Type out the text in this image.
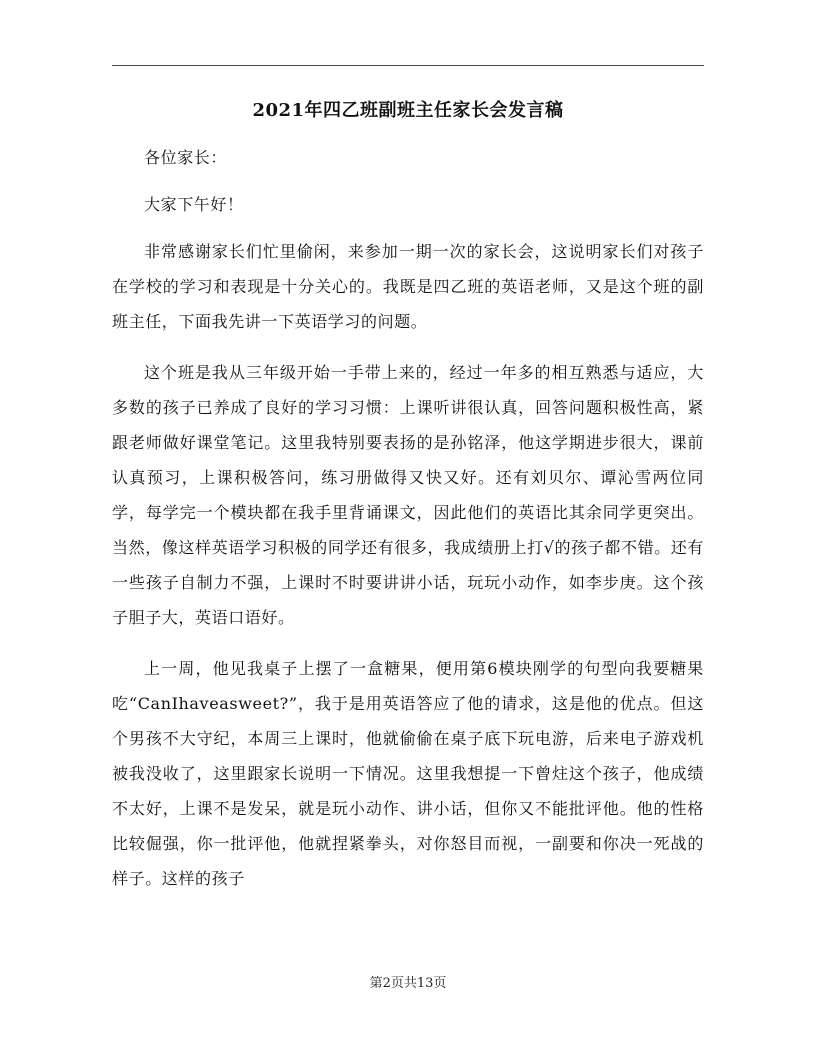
2021年四乙班副班主任家长会发言稿

各位家长：

大家下午好！

非常感谢家长们忙里偷闲，来参加一期一次的家长会，这说明家长们对孩子在学校的学习和表现是十分关心的。我既是四乙班的英语老师，又是这个班的副班主任，下面我先讲一下英语学习的问题。

这个班是我从三年级开始一手带上来的，经过一年多的相互熟悉与适应，大多数的孩子已养成了良好的学习习惯：上课听讲很认真，回答问题积极性高，紧跟老师做好课堂笔记。这里我特别要表扬的是孙铭泽，他这学期进步很大，课前认真预习，上课积极答问，练习册做得又快又好。还有刘贝尔、谭沁雪两位同学，每学完一个模块都在我手里背诵课文，因此他们的英语比其余同学更突出。当然，像这样英语学习积极的同学还有很多，我成绩册上打√的孩子都不错。还有一些孩子自制力不强，上课时不时要讲讲小话，玩玩小动作，如李步庚。这个孩子胆子大，英语口语好。

上一周，他见我桌子上摆了一盒糖果，便用第6模块刚学的句型向我要糖果吃“CanIhaveasweet?”，我于是用英语答应了他的请求，这是他的优点。但这个男孩不大守纪，本周三上课时，他就偷偷在桌子底下玩电游，后来电子游戏机被我没收了，这里跟家长说明一下情况。这里我想提一下曾炷这个孩子，他成绩不太好，上课不是发呆，就是玩小动作、讲小话，但你又不能批评他。他的性格比较倔强，你一批评他，他就捏紧拳头，对你怒目而视，一副要和你决一死战的样子。这样的孩子

第2页共13页
